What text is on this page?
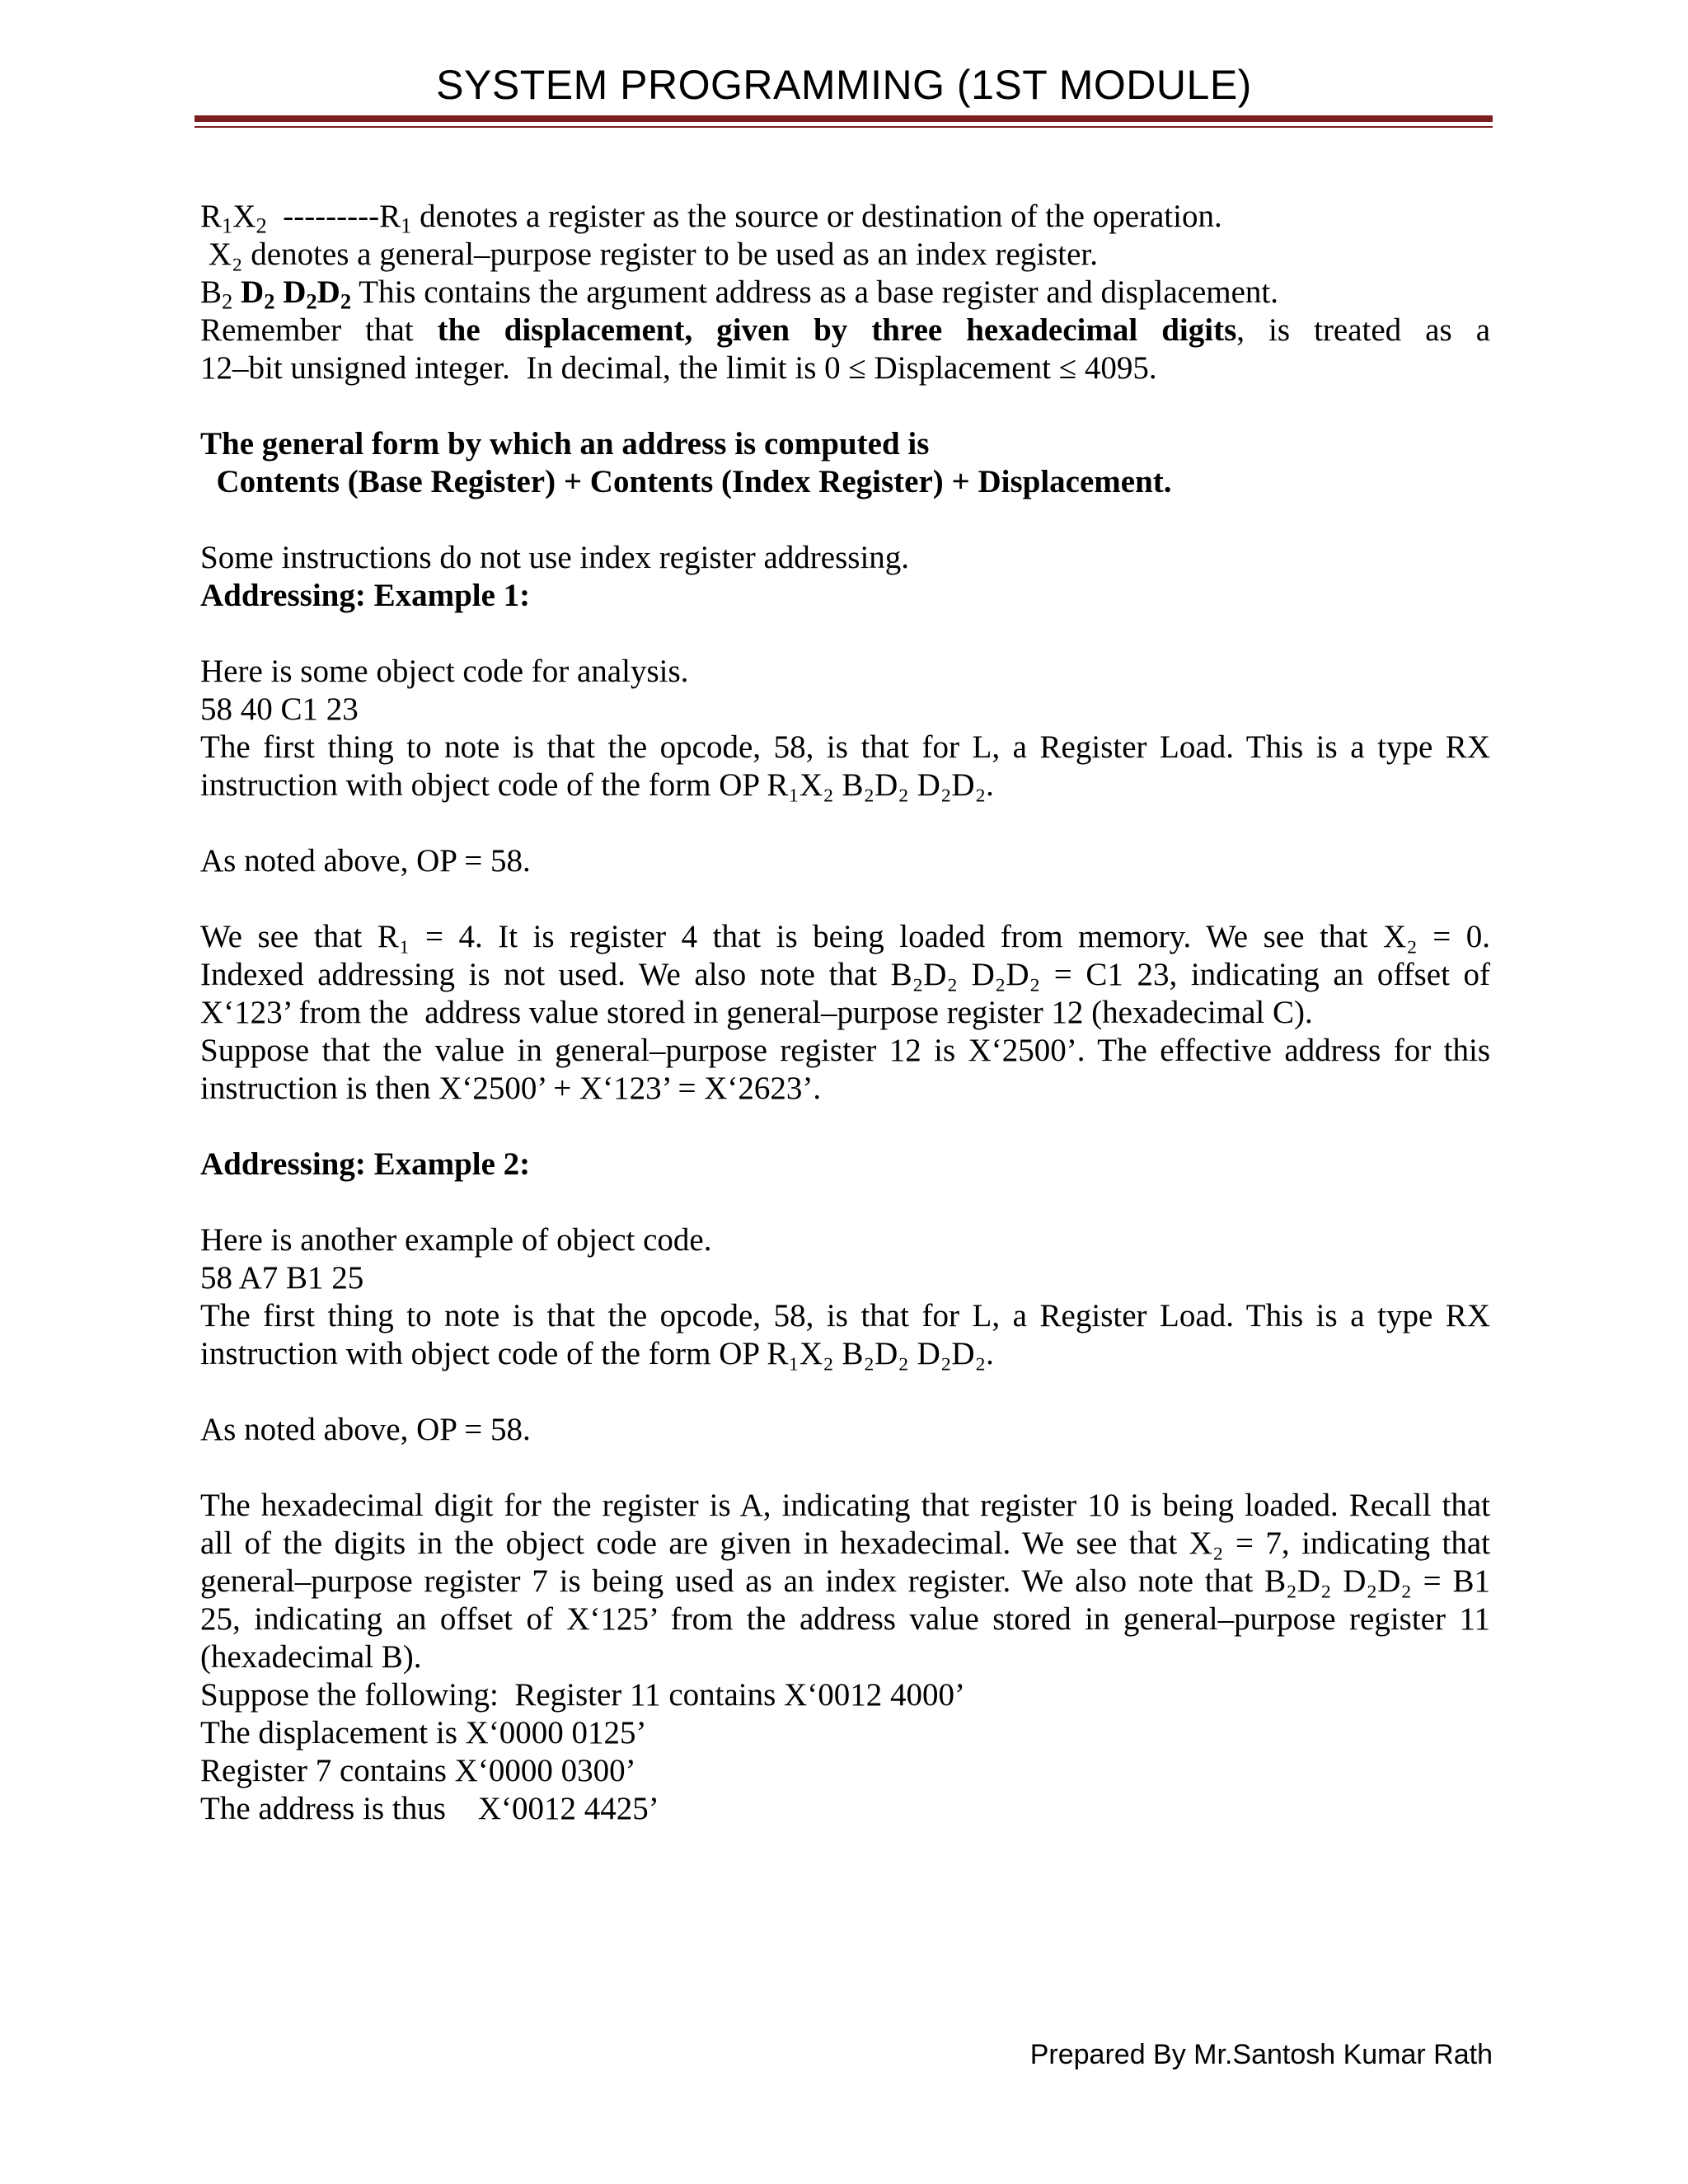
SYSTEM PROGRAMMING (1ST MODULE)
$R_1X_2$  $---------R_1$ denotes a register as the source or destination of the operation.
X₂ denotes a general–purpose register to be used as an index register.
$B_2$ $D_2$ $D_2D_2$ This contains the argument address as a base register and displacement.
Remember that the displacement, given by three hexadecimal digits, is treated as a
12–bit unsigned integer.  In decimal, the limit is 0 ≤ Displacement ≤ 4095.
The general form by which an address is computed is
Contents (Base Register) + Contents (Index Register) + Displacement.
Some instructions do not use index register addressing.
Addressing: Example 1:
Here is some object code for analysis.
58 40 C1 23
The first thing to note is that the opcode, 58, is that for L, a Register Load. This is a type RX
instruction with object code of the form OP R₁X₂ B₂D₂ D₂D₂.
As noted above, OP = 58.
We see that R₁ = 4. It is register 4 that is being loaded from memory. We see that X₂ = 0.
Indexed addressing is not used. We also note that B₂D₂ D₂D₂ = C1 23, indicating an offset of
X‘123’ from the  address value stored in general–purpose register 12 (hexadecimal C).
Suppose that the value in general–purpose register 12 is X‘2500’. The effective address for this
instruction is then X‘2500’ + X‘123’ = X‘2623’.
Addressing: Example 2:
Here is another example of object code.
58 A7 B1 25
The first thing to note is that the opcode, 58, is that for L, a Register Load. This is a type RX
instruction with object code of the form OP R₁X₂ B₂D₂ D₂D₂.
As noted above, OP = 58.
The hexadecimal digit for the register is A, indicating that register 10 is being loaded. Recall that
all of the digits in the object code are given in hexadecimal. We see that X₂ = 7, indicating that
general–purpose register 7 is being used as an index register. We also note that B₂D₂ D₂D₂ = B1
25, indicating an offset of X‘125’ from the address value stored in general–purpose register 11
(hexadecimal B).
Suppose the following:  Register 11 contains X‘0012 4000’
The displacement is X‘0000 0125’
Register 7 contains X‘0000 0300’
The address is thus    X‘0012 4425’
Prepared By Mr.Santosh Kumar Rath
